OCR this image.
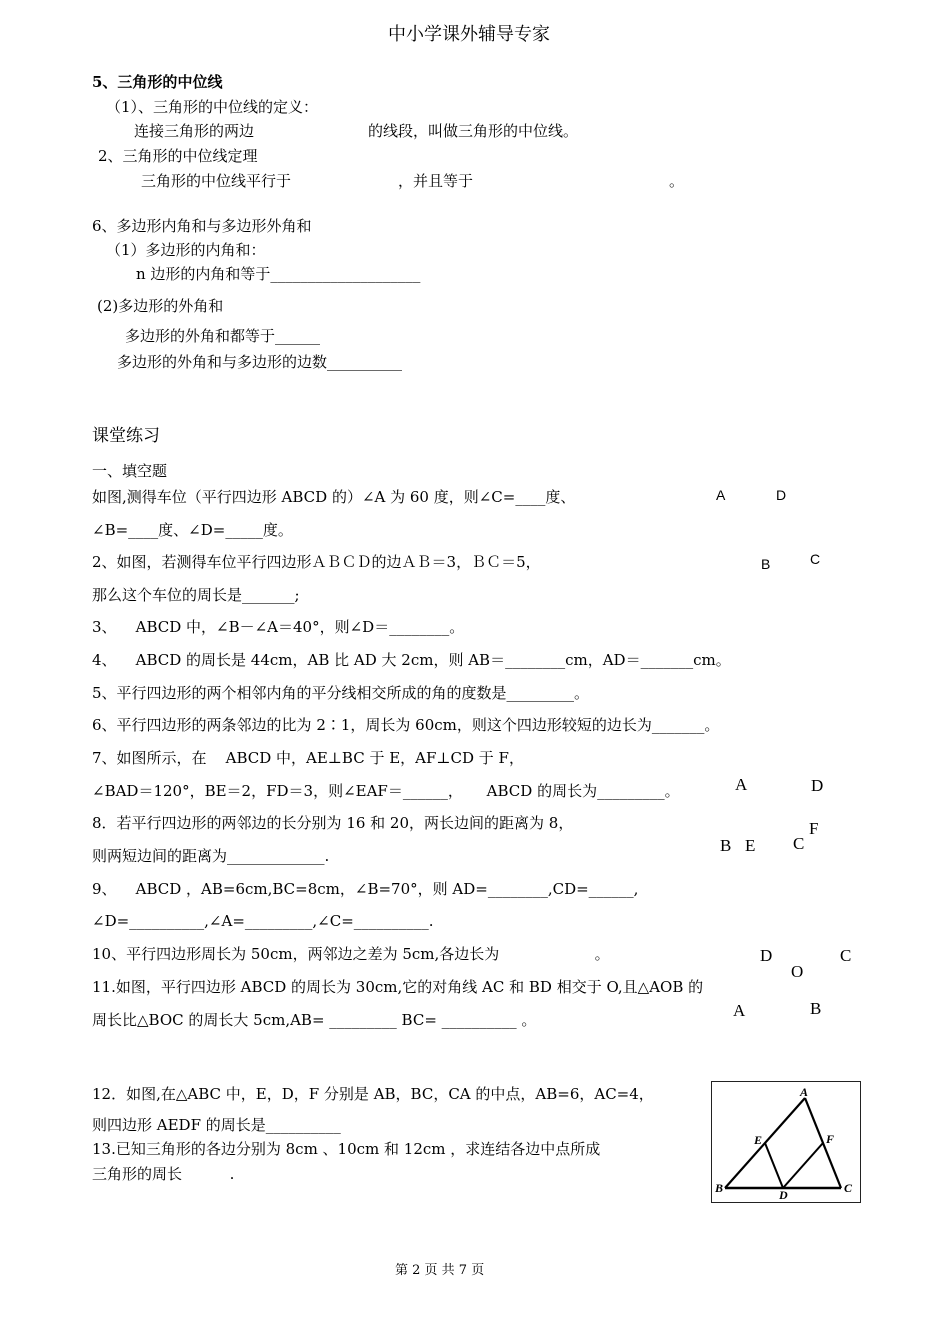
中小学课外辅导专家
5、三角形的中位线
（1）、三角形的中位线的定义：
连接三角形的两边	的线段，叫做三角形的中位线。
2、三角形的中位线定理
三角形的中位线平行于	，并且等于	。
6、多边形内角和与多边形外角和
（1）多边形的内角和：
n 边形的内角和等于____________________
(2)多边形的外角和
多边形的外角和都等于______
多边形的外角和与多边形的边数__________
课堂练习
一、填空题
如图,测得车位（平行四边形 ABCD 的）∠A 为 60 度，则∠C=____度、
∠B=____度、∠D=_____度。
2、如图，若测得车位平行四边形ＡＢＣＤ的边ＡＢ＝3，ＢＣ＝5，
那么这个车位的周长是_______;
3、    ABCD 中，∠B－∠A＝40°，则∠D＝________。
4、    ABCD 的周长是 44cm，AB 比 AD 大 2cm，则 AB＝________cm，AD＝_______cm。
5、平行四边形的两个相邻内角的平分线相交所成的角的度数是_________。
6、平行四边形的两条邻边的比为 2∶1，周长为 60cm，则这个四边形较短的边长为_______。
7、如图所示，在    ABCD 中，AE⊥BC 于 E，AF⊥CD 于 F，
∠BAD＝120°，BE＝2，FD＝3，则∠EAF＝______，     ABCD 的周长为_________。
8．若平行四边形的两邻边的长分别为 16 和 20，两长边间的距离为 8，
则两短边间的距离为_____________.
9、    ABCD ，AB=6cm,BC=8cm，∠B=70°，则 AD=________,CD=______,
∠D=__________,∠A=_________,∠C=__________.
10、平行四边形周长为 50cm，两邻边之差为 5cm,各边长为                    。
11.如图，平行四边形 ABCD 的周长为 30cm,它的对角线 AC 和 BD 相交于 O,且△AOB 的
周长比△BOC 的周长大 5cm,AB= _________ BC= __________ 。
12．如图,在△ABC 中，E，D，F 分别是 AB，BC，CA 的中点，AB=6，AC=4，
则四边形 AEDF 的周长是__________
13.已知三角形的各边分别为 8cm 、10cm 和 12cm ，求连结各边中点所成
三角形的周长          .
A	D
B	C
A	D
F
B E C
D	C
O
A	B
A
E	F
B	D	C
第 2 页 共 7 页
